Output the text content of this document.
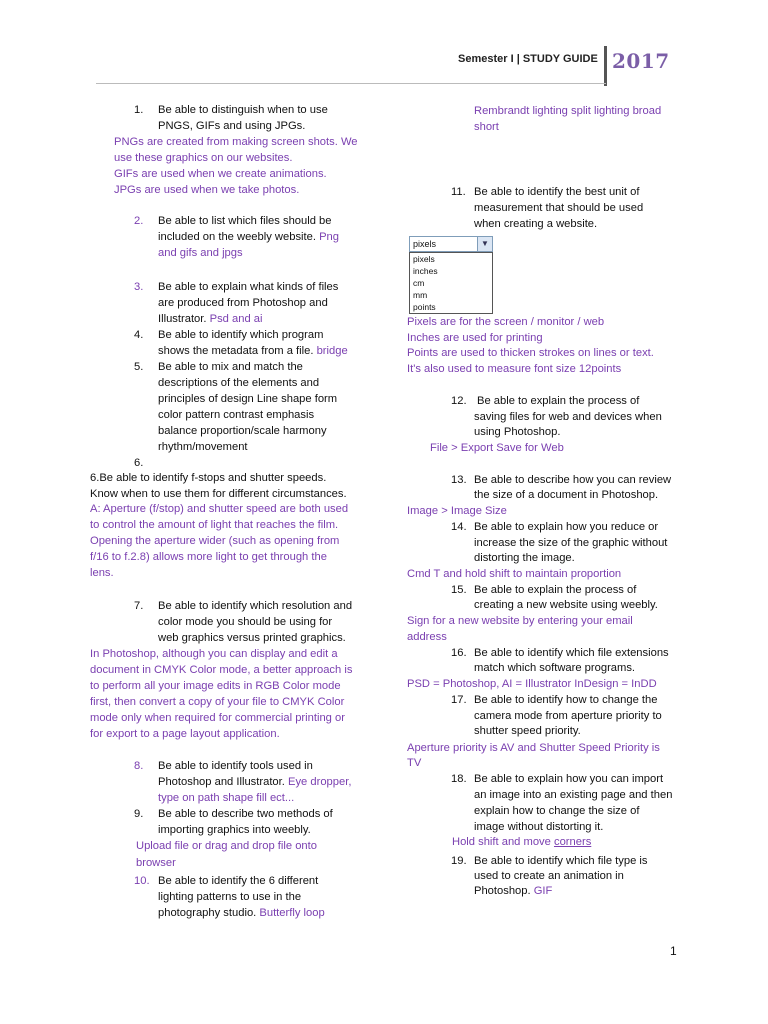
Semester I | STUDY GUIDE 2017
1. Be able to distinguish when to use PNGS, GIFs and using JPGs.
PNGs are created from making screen shots. We
use these graphics on our websites.
GIFs are used when we create animations.
JPGs are used when we take photos.
2. Be able to list which files should be
included on the weebly website. Png
and gifs and jpgs
3. Be able to explain what kinds of files
are produced from Photoshop and
Illustrator. Psd and ai
4. Be able to identify which program
shows the metadata from a file. bridge
5. Be able to mix and match the
descriptions of the elements and
principles of design Line shape form
color pattern contrast emphasis
balance proportion/scale harmony
rhythm/movement
6.
6.Be able to identify f-stops and shutter speeds.
Know when to use them for different circumstances.
A: Aperture (f/stop) and shutter speed are both used
to control the amount of light that reaches the film.
Opening the aperture wider (such as opening from
f/16 to f.2.8) allows more light to get through the
lens.
7. Be able to identify which resolution and
color mode you should be using for
web graphics versus printed graphics.
In Photoshop, although you can display and edit a
document in CMYK Color mode, a better approach is
to perform all your image edits in RGB Color mode
first, then convert a copy of your file to CMYK Color
mode only when required for commercial printing or
for export to a page layout application.
8. Be able to identify tools used in
Photoshop and Illustrator. Eye dropper,
type on path shape fill ect...
9. Be able to describe two methods of
importing graphics into weebly.
Upload file or drag and drop file onto
browser
10. Be able to identify the 6 different
lighting patterns to use in the
photography studio. Butterfly loop
Rembrandt lighting split lighting broad
short
11. Be able to identify the best unit of
measurement that should be used
when creating a website.
pixels	▼
pixels
inches
cm
mm
points
Pixels are for the screen / monitor / web
Inches are used for printing
Points are used to thicken strokes on lines or text.
It's also used to measure font size 12points
12. Be able to explain the process of
saving files for web and devices when
using Photoshop.
File > Export Save for Web
13. Be able to describe how you can review
the size of a document in Photoshop.
Image > Image Size
14. Be able to explain how you reduce or
increase the size of the graphic without
distorting the image.
Cmd T and hold shift to maintain proportion
15. Be able to explain the process of
creating a new website using weebly.
Sign for a new website by entering your email
address
16. Be able to identify which file extensions
match which software programs.
PSD = Photoshop, AI = Illustrator InDesign = InDD
17. Be able to identify how to change the
camera mode from aperture priority to
shutter speed priority.
Aperture priority is AV and Shutter Speed Priority is
TV
18. Be able to explain how you can import
an image into an existing page and then
explain how to change the size of
image without distorting it.
Hold shift and move corners
19. Be able to identify which file type is
used to create an animation in
Photoshop. GIF
1
